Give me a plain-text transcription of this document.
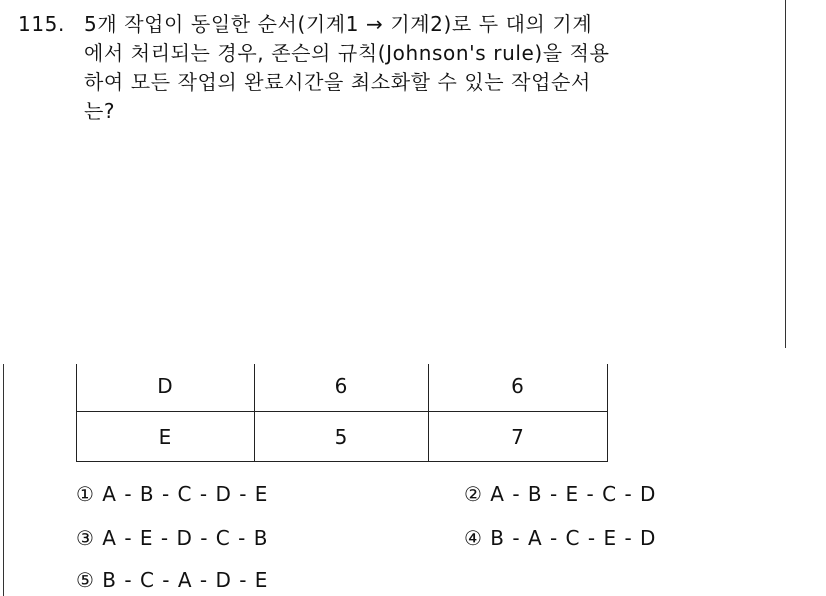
115. 5개 작업이 동일한 순서(기계1 → 기계2)로 두 대의 기계
에서 처리되는 경우, 존슨의 규칙(Johnson's rule)을 적용
하여 모든 작업의 완료시간을 최소화할 수 있는 작업순서
는?
D	6	6
E	5	7
① A - B - C - D - E	② A - B - E - C - D
③ A - E - D - C - B	④ B - A - C - E - D
⑤ B - C - A - D - E
